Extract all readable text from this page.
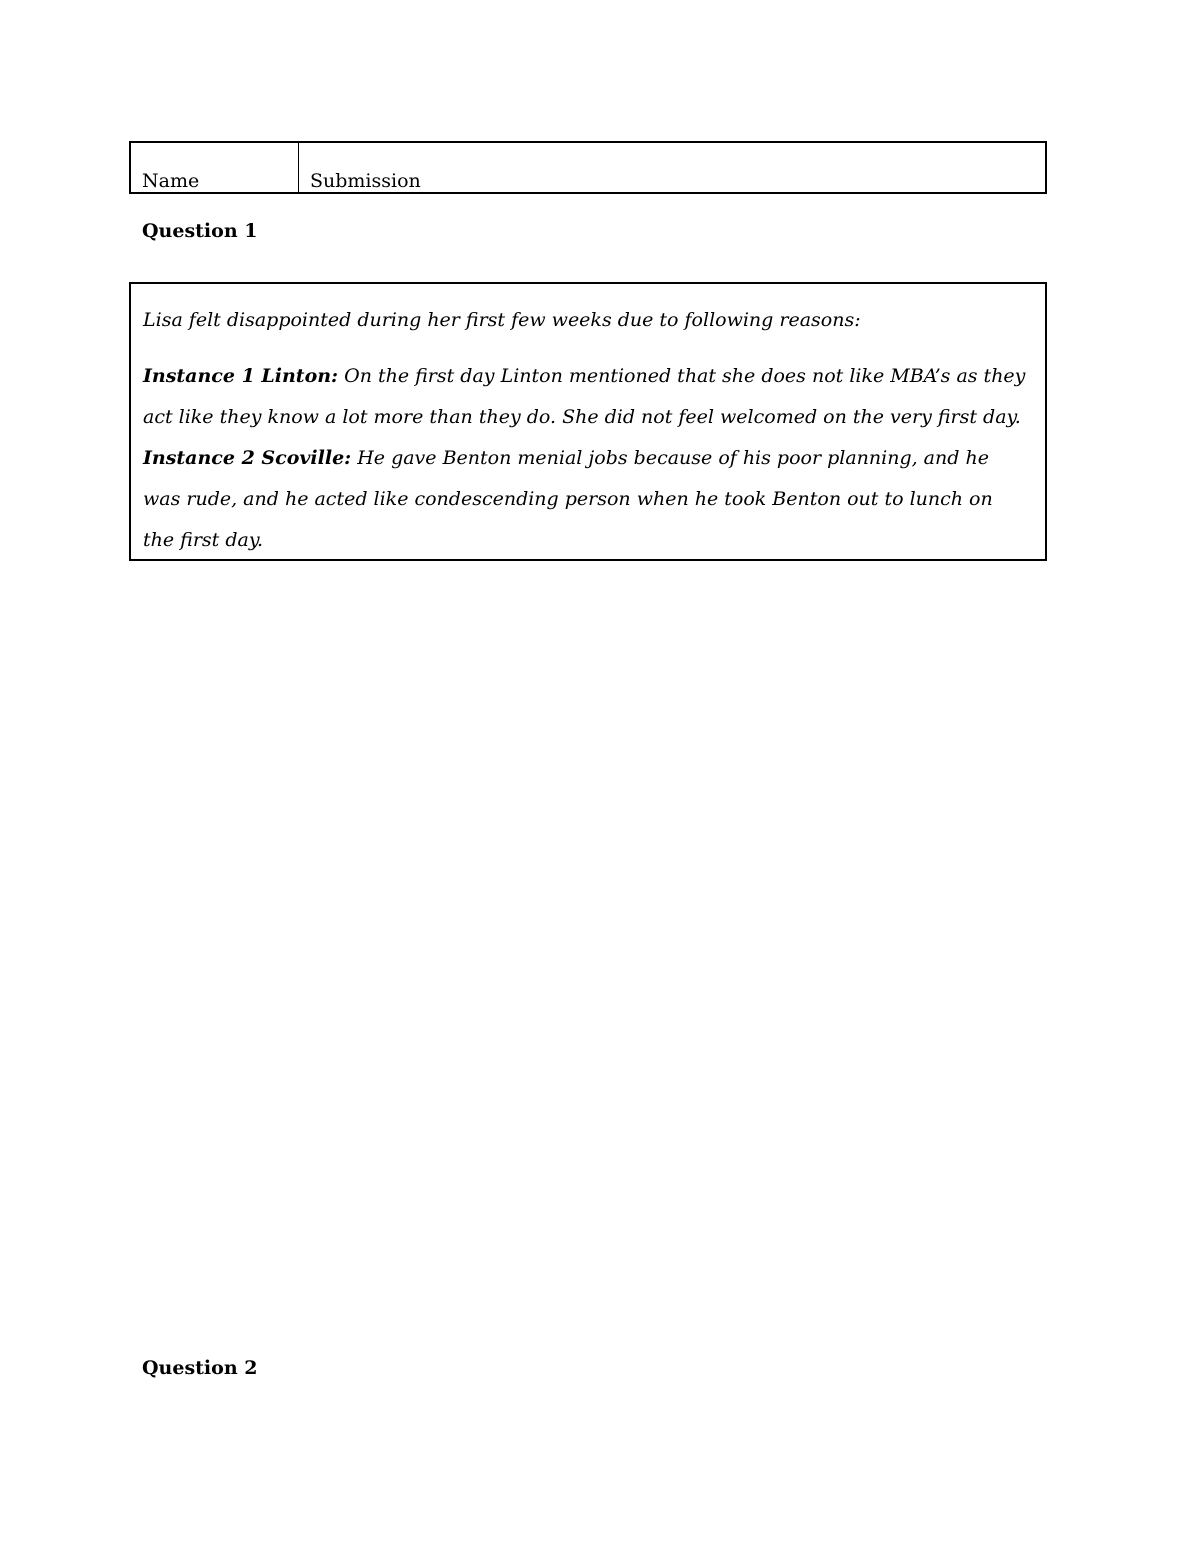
Name	Submission
Question 1

Lisa felt disappointed during her first few weeks due to following reasons:

Instance 1 Linton: On the first day Linton mentioned that she does not like MBA’s as they act like they know a lot more than they do. She did not feel welcomed on the very first day.

Instance 2 Scoville: He gave Benton menial jobs because of his poor planning, and he was rude, and he acted like condescending person when he took Benton out to lunch on the first day.

Question 2
